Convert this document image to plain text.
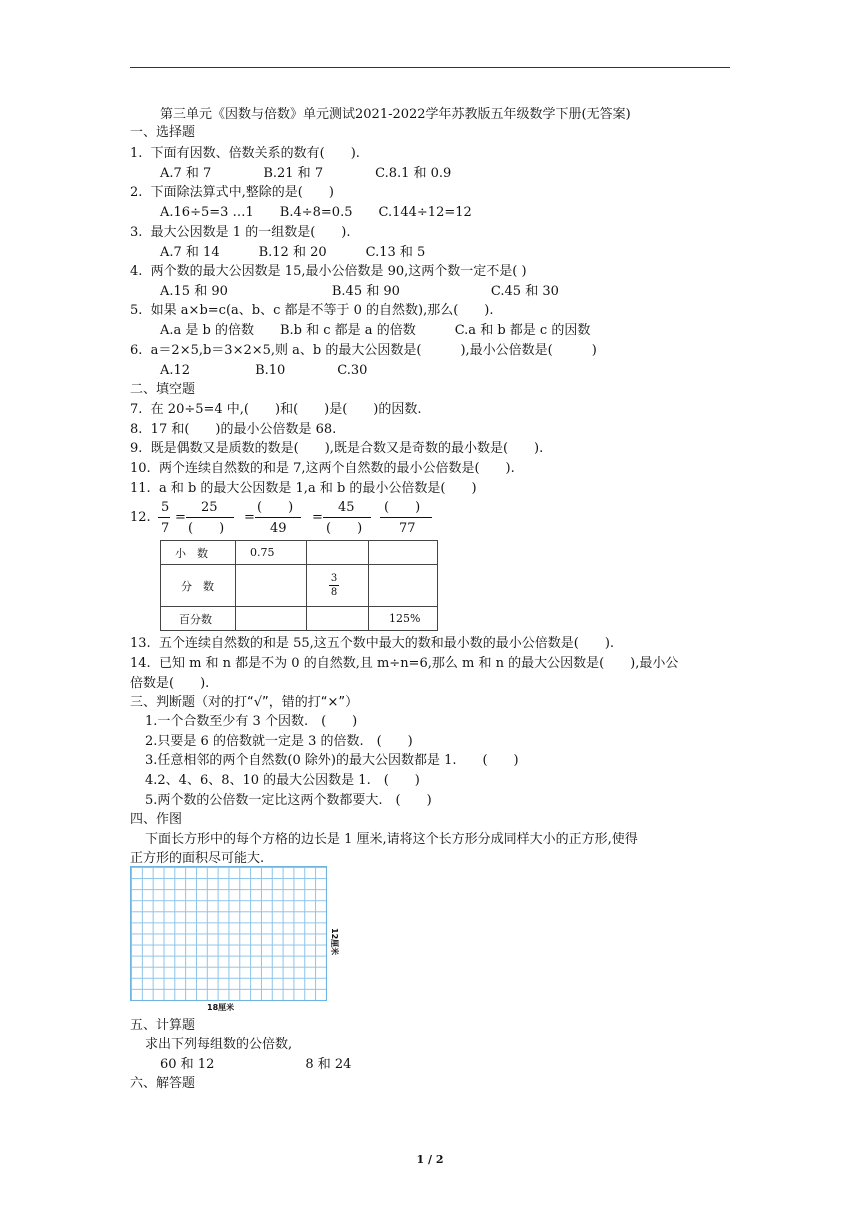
第三单元《因数与倍数》单元测试2021-2022学年苏教版五年级数学下册(无答案)
一、选择题
1.  下面有因数、倍数关系的数有(　　).
A.7 和 7　　　　B.21 和 7　　　　C.8.1 和 0.9
2.  下面除法算式中,整除的是(　　)
A.16÷5=3 …1　　B.4÷8=0.5　　C.144÷12=12
3.  最大公因数是 1 的一组数是(　　).
A.7 和 14　　　B.12 和 20　　　C.13 和 5
4.  两个数的最大公因数是 15,最小公倍数是 90,这两个数一定不是( )
A.15 和 90　　　　　　　　B.45 和 90　　　　　　　C.45 和 30
5.  如果 a×b=c(a、b、c 都是不等于 0 的自然数),那么(　　).
A.a 是 b 的倍数　　B.b 和 c 都是 a 的倍数　　　C.a 和 b 都是 c 的因数
6.  a＝2×5,b＝3×2×5,则 a、b 的最大公因数是(　　　),最小公倍数是(　　　)
A.12　　　　　B.10　　　　C.30
二、填空题
7.  在 20÷5=4 中,(　　)和(　　)是(　　)的因数.
8.  17 和(　　)的最小公倍数是 68.
9.  既是偶数又是质数的数是(　　),既是合数又是奇数的最小数是(　　).
10.  两个连续自然数的和是 7,这两个自然数的最小公倍数是(　　).
11.  a 和 b 的最大公因数是 1,a 和 b 的最小公倍数是(　　)
12.
5
7
=
25
(　　)
=
(　　)
49
=
45
(　　)
(　　)
77
小　数	0.75		
分　数		3
8	

百分数			125%
13.  五个连续自然数的和是 55,这五个数中最大的数和最小数的最小公倍数是(　　).
14.  已知 m 和 n 都是不为 0 的自然数,且 m÷n=6,那么 m 和 n 的最大公因数是(　　),最小公
倍数是(　　).
三、判断题（对的打“√”，错的打“×”）
1.一个合数至少有 3 个因数.　(　　)
2.只要是 6 的倍数就一定是 3 的倍数.　(　　)
3.任意相邻的两个自然数(0 除外)的最大公因数都是 1.　　(　　)
4.2、4、6、8、10 的最大公因数是 1.　(　　)
5.两个数的公倍数一定比这两个数都要大.　(　　)
四、作图
下面长方形中的每个方格的边长是 1 厘米,请将这个长方形分成同样大小的正方形,使得
正方形的面积尽可能大.
18厘米
12厘米
五、计算题
求出下列每组数的公倍数,
60 和 12　　　　　　　8 和 24
六、解答题
1 / 2
